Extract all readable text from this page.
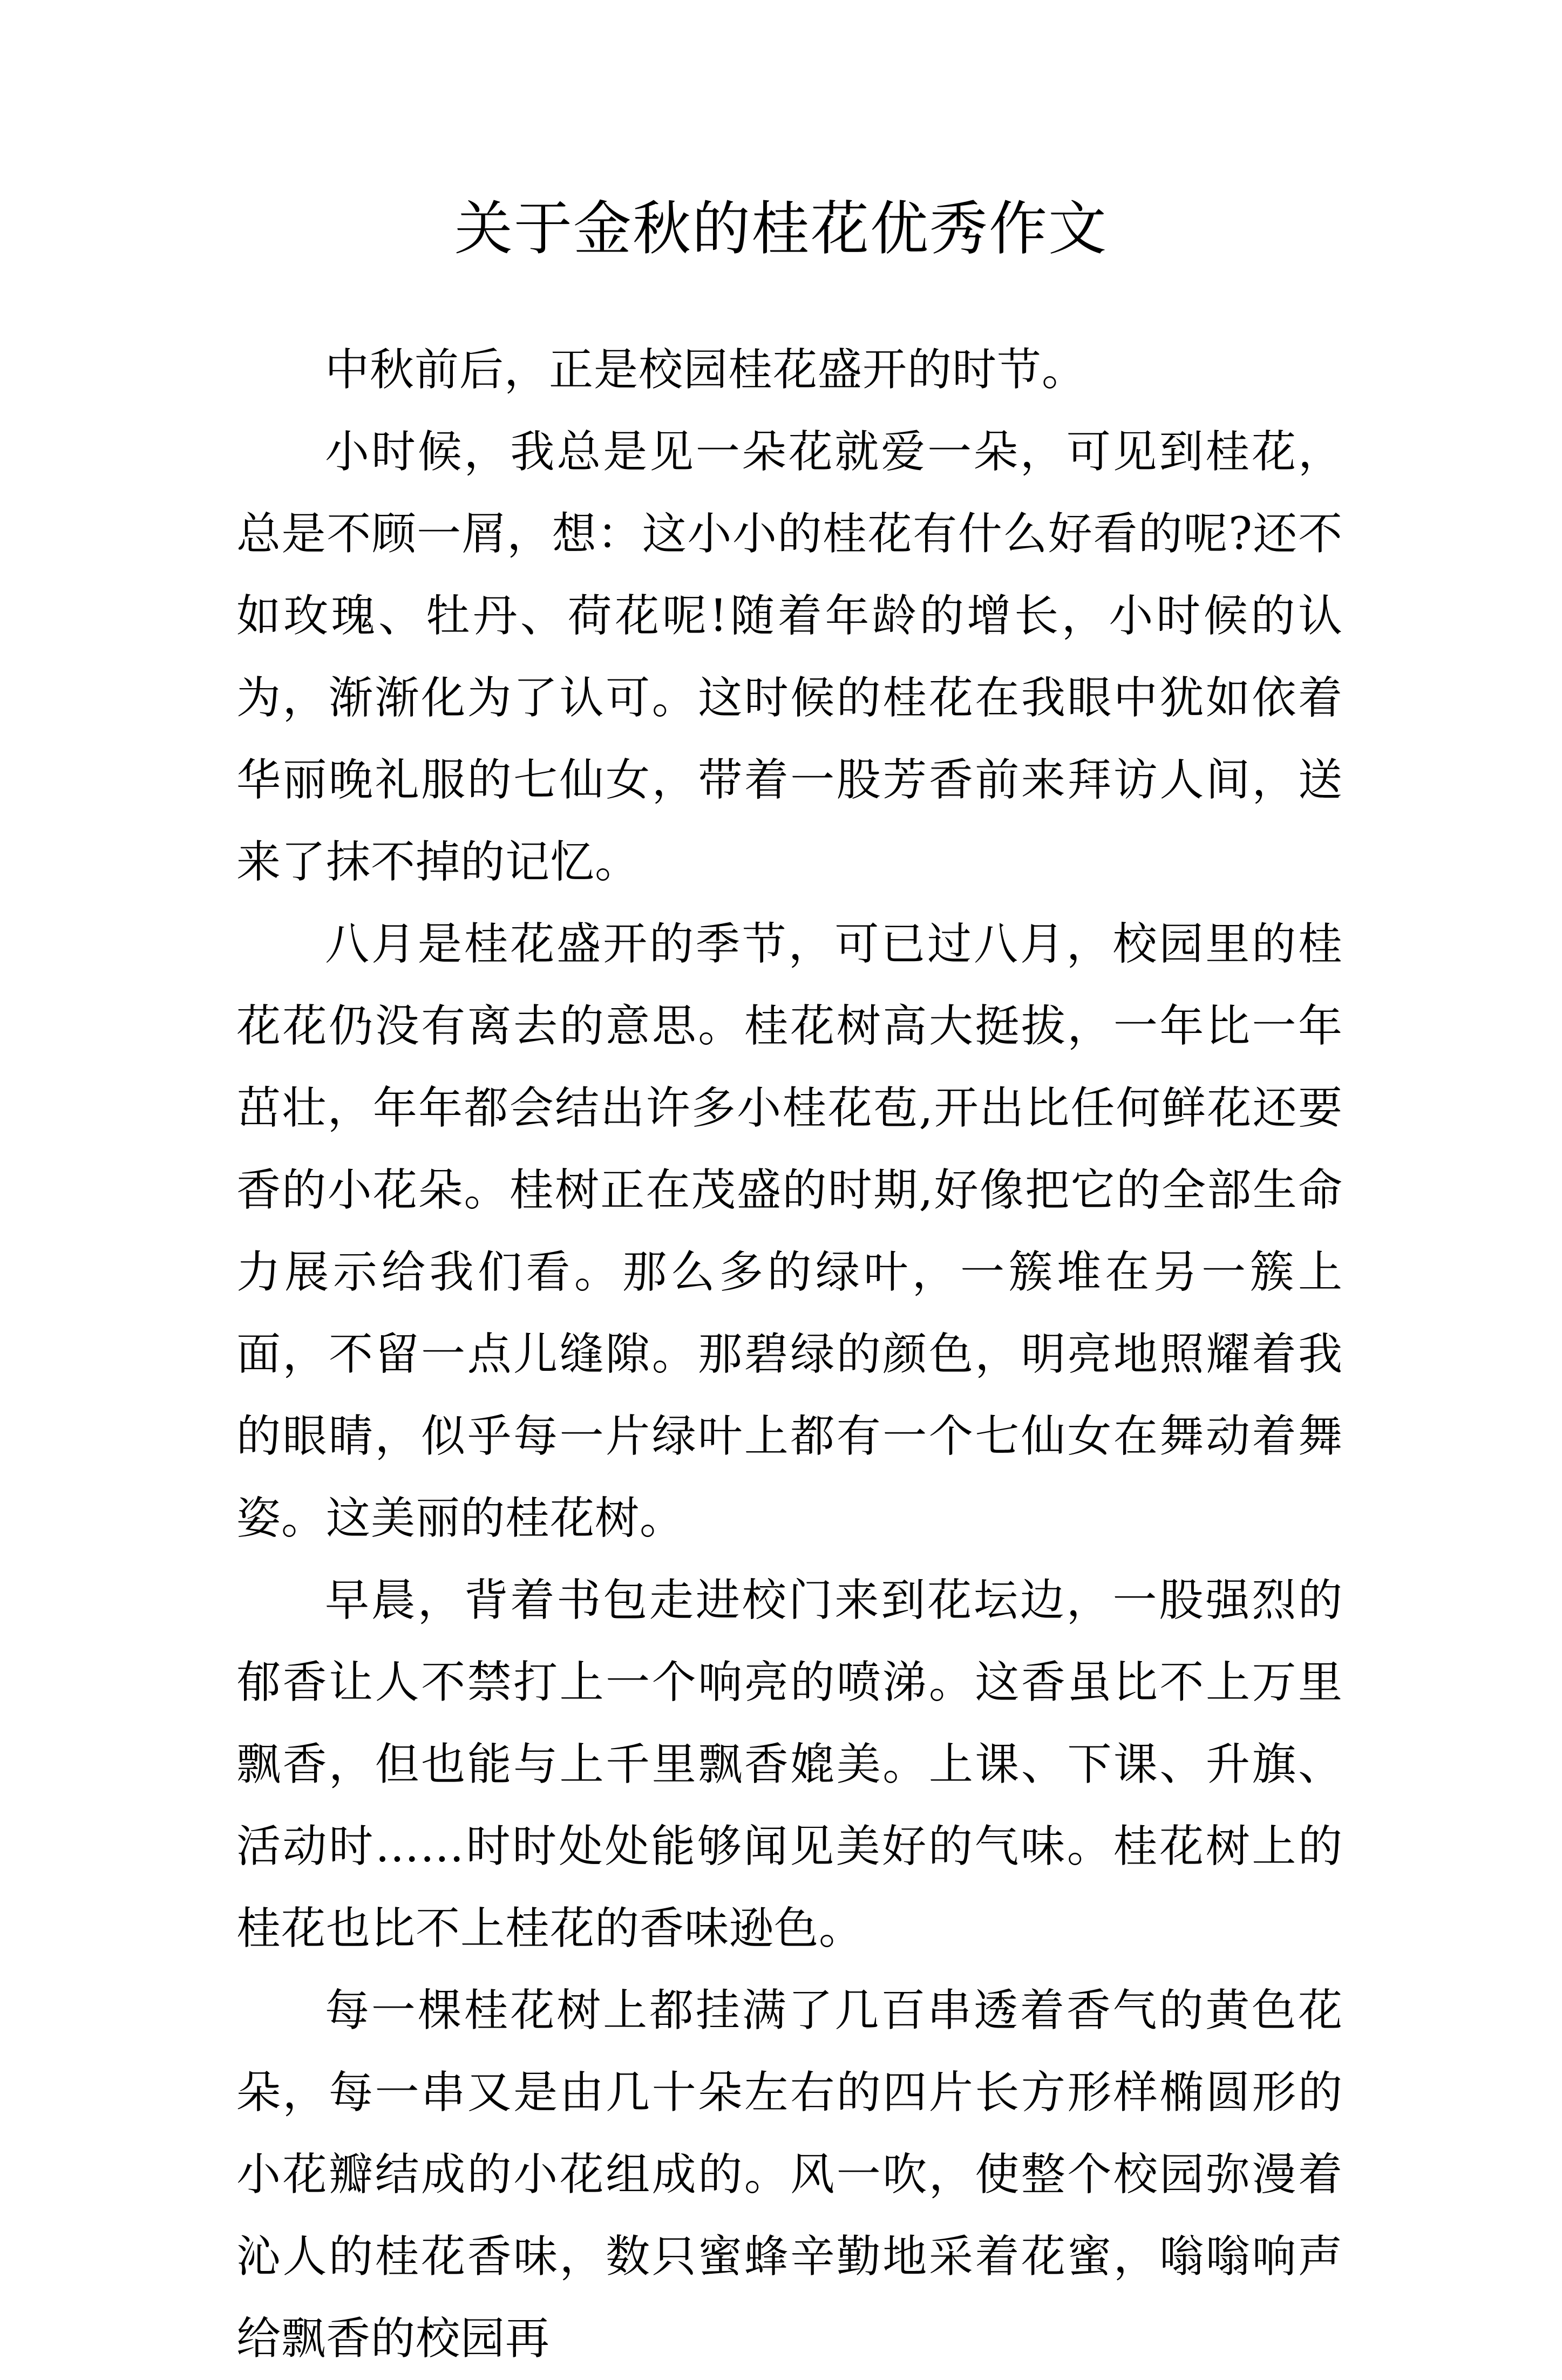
关于金秋的桂花优秀作文

中秋前后，正是校园桂花盛开的时节。

小时候，我总是见一朵花就爱一朵，可见到桂花，总是不顾一屑，想：这小小的桂花有什么好看的呢?还不如玫瑰、牡丹、荷花呢!随着年龄的增长，小时候的认为，渐渐化为了认可。这时候的桂花在我眼中犹如依着华丽晚礼服的七仙女，带着一股芳香前来拜访人间，送来了抹不掉的记忆。

八月是桂花盛开的季节，可已过八月，校园里的桂花花仍没有离去的意思。桂花树高大挺拔，一年比一年茁壮，年年都会结出许多小桂花苞,开出比任何鲜花还要香的小花朵。桂树正在茂盛的时期,好像把它的全部生命力展示给我们看。那么多的绿叶，一簇堆在另一簇上面，不留一点儿缝隙。那碧绿的颜色，明亮地照耀着我的眼睛，似乎每一片绿叶上都有一个七仙女在舞动着舞姿。这美丽的桂花树。

早晨，背着书包走进校门来到花坛边，一股强烈的郁香让人不禁打上一个响亮的喷涕。这香虽比不上万里飘香，但也能与上千里飘香媲美。上课、下课、升旗、活动时……时时处处能够闻见美好的气味。桂花树上的桂花也比不上桂花的香味逊色。

每一棵桂花树上都挂满了几百串透着香气的黄色花朵，每一串又是由几十朵左右的四片长方形样椭圆形的小花瓣结成的小花组成的。风一吹，使整个校园弥漫着沁人的桂花香味，数只蜜蜂辛勤地采着花蜜，嗡嗡响声给飘香的校园再
